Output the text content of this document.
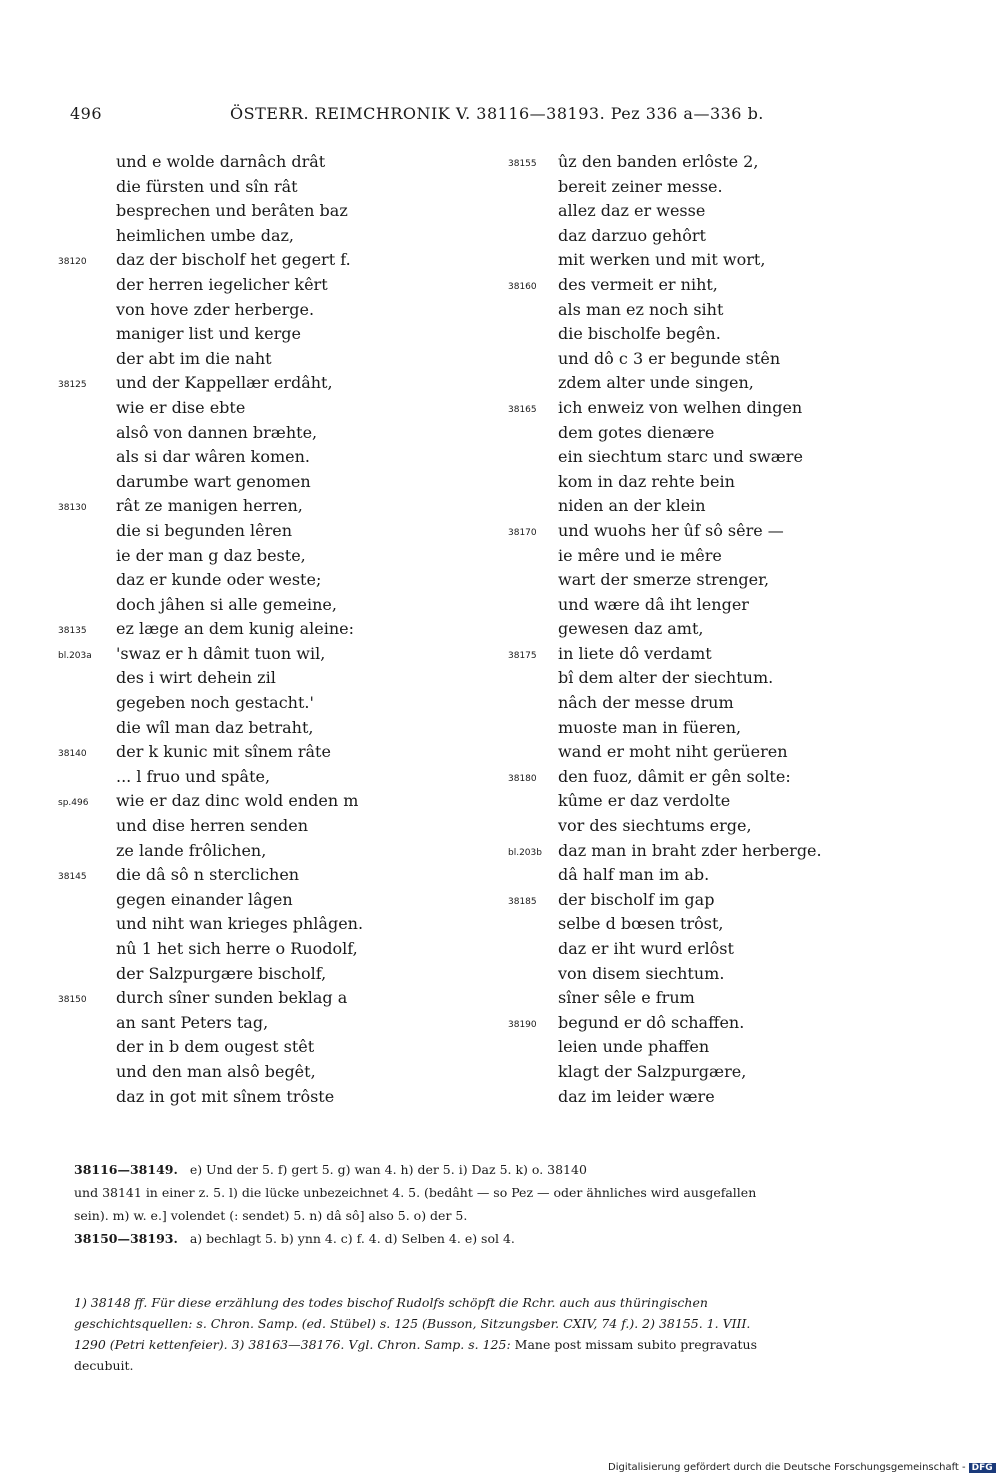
496	ÖSTERR. REIMCHRONIK V. 38116—38193. Pez 336 a—336 b.
und e wolde darnâch drât
die fürsten und sîn rât
besprechen und berâten baz
heimlichen umbe daz,
38120	daz der bischolf het gegert f.
der herren iegelicher kêrt
von hove zder herberge.
maniger list und kerge
der abt im die naht
38125	und der Kappellær erdâht,
wie er dise ebte
alsô von dannen bræhte,
als si dar wâren komen.
darumbe wart genomen
38130	rât ze manigen herren,
die si begunden lêren
ie der man g daz beste,
daz er kunde oder weste;
doch jâhen si alle gemeine,
38135	ez læge an dem kunig aleine:
bl.203a	'swaz er h dâmit tuon wil,
des i wirt dehein zil
gegeben noch gestacht.'
die wîl man daz betraht,
38140	der k kunic mit sînem râte
... l fruo und spâte,
sp.496	wie er daz dinc wold enden m
und dise herren senden
ze lande frôlichen,
38145	die dâ sô n sterclichen
gegen einander lâgen
und niht wan krieges phlâgen.
nû 1 het sich herre o Ruodolf,
der Salzpurgære bischolf,
38150	durch sîner sunden beklag a
an sant Peters tag,
der in b dem ougest stêt
und den man alsô begêt,
daz in got mit sînem trôste
38155	ûz den banden erlôste 2,
bereit zeiner messe.
allez daz er wesse
daz darzuo gehôrt
mit werken und mit wort,
38160	des vermeit er niht,
als man ez noch siht
die bischolfe begên.
und dô c 3 er begunde stên
zdem alter unde singen,
38165	ich enweiz von welhen dingen
dem gotes dienære
ein siechtum starc und swære
kom in daz rehte bein
niden an der klein
38170	und wuohs her ûf sô sêre —
ie mêre und ie mêre
wart der smerze strenger,
und wære dâ iht lenger
gewesen daz amt,
38175	in liete dô verdamt
bî dem alter der siechtum.
nâch der messe drum
muoste man in füeren,
wand er moht niht gerüeren
38180	den fuoz, dâmit er gên solte:
kûme er daz verdolte
vor des siechtums erge,
bl.203b	daz man in braht zder herberge.
dâ half man im ab.
38185	der bischolf im gap
selbe d bœsen trôst,
daz er iht wurd erlôst
von disem siechtum.
sîner sêle e frum
38190	begund er dô schaffen.
leien unde phaffen
klagt der Salzpurgære,
daz im leider wære
38116—38149. e) Und der 5. f) gert 5. g) wan 4. h) der 5. i) Daz 5. k) o. 38140
und 38141 in einer z. 5. l) die lücke unbezeichnet 4. 5. (bedâht — so Pez — oder ähnliches wird ausgefallen
sein). m) w. e.] volendet (: sendet) 5. n) dâ sô] also 5. o) der 5.
38150—38193. a) bechlagt 5. b) ynn 4. c) f. 4. d) Selben 4. e) sol 4.
1) 38148 ff. Für diese erzählung des todes bischof Rudolfs schöpft die Rchr. auch aus thüringischen
geschichtsquellen: s. Chron. Samp. (ed. Stübel) s. 125 (Busson, Sitzungsber. CXIV, 74 f.). 2) 38155. 1. VIII.
1290 (Petri kettenfeier). 3) 38163—38176. Vgl. Chron. Samp. s. 125: Mane post missam subito pregravatus
decubuit.
Digitalisierung gefördert durch die Deutsche Forschungsgemeinschaft - DFG
